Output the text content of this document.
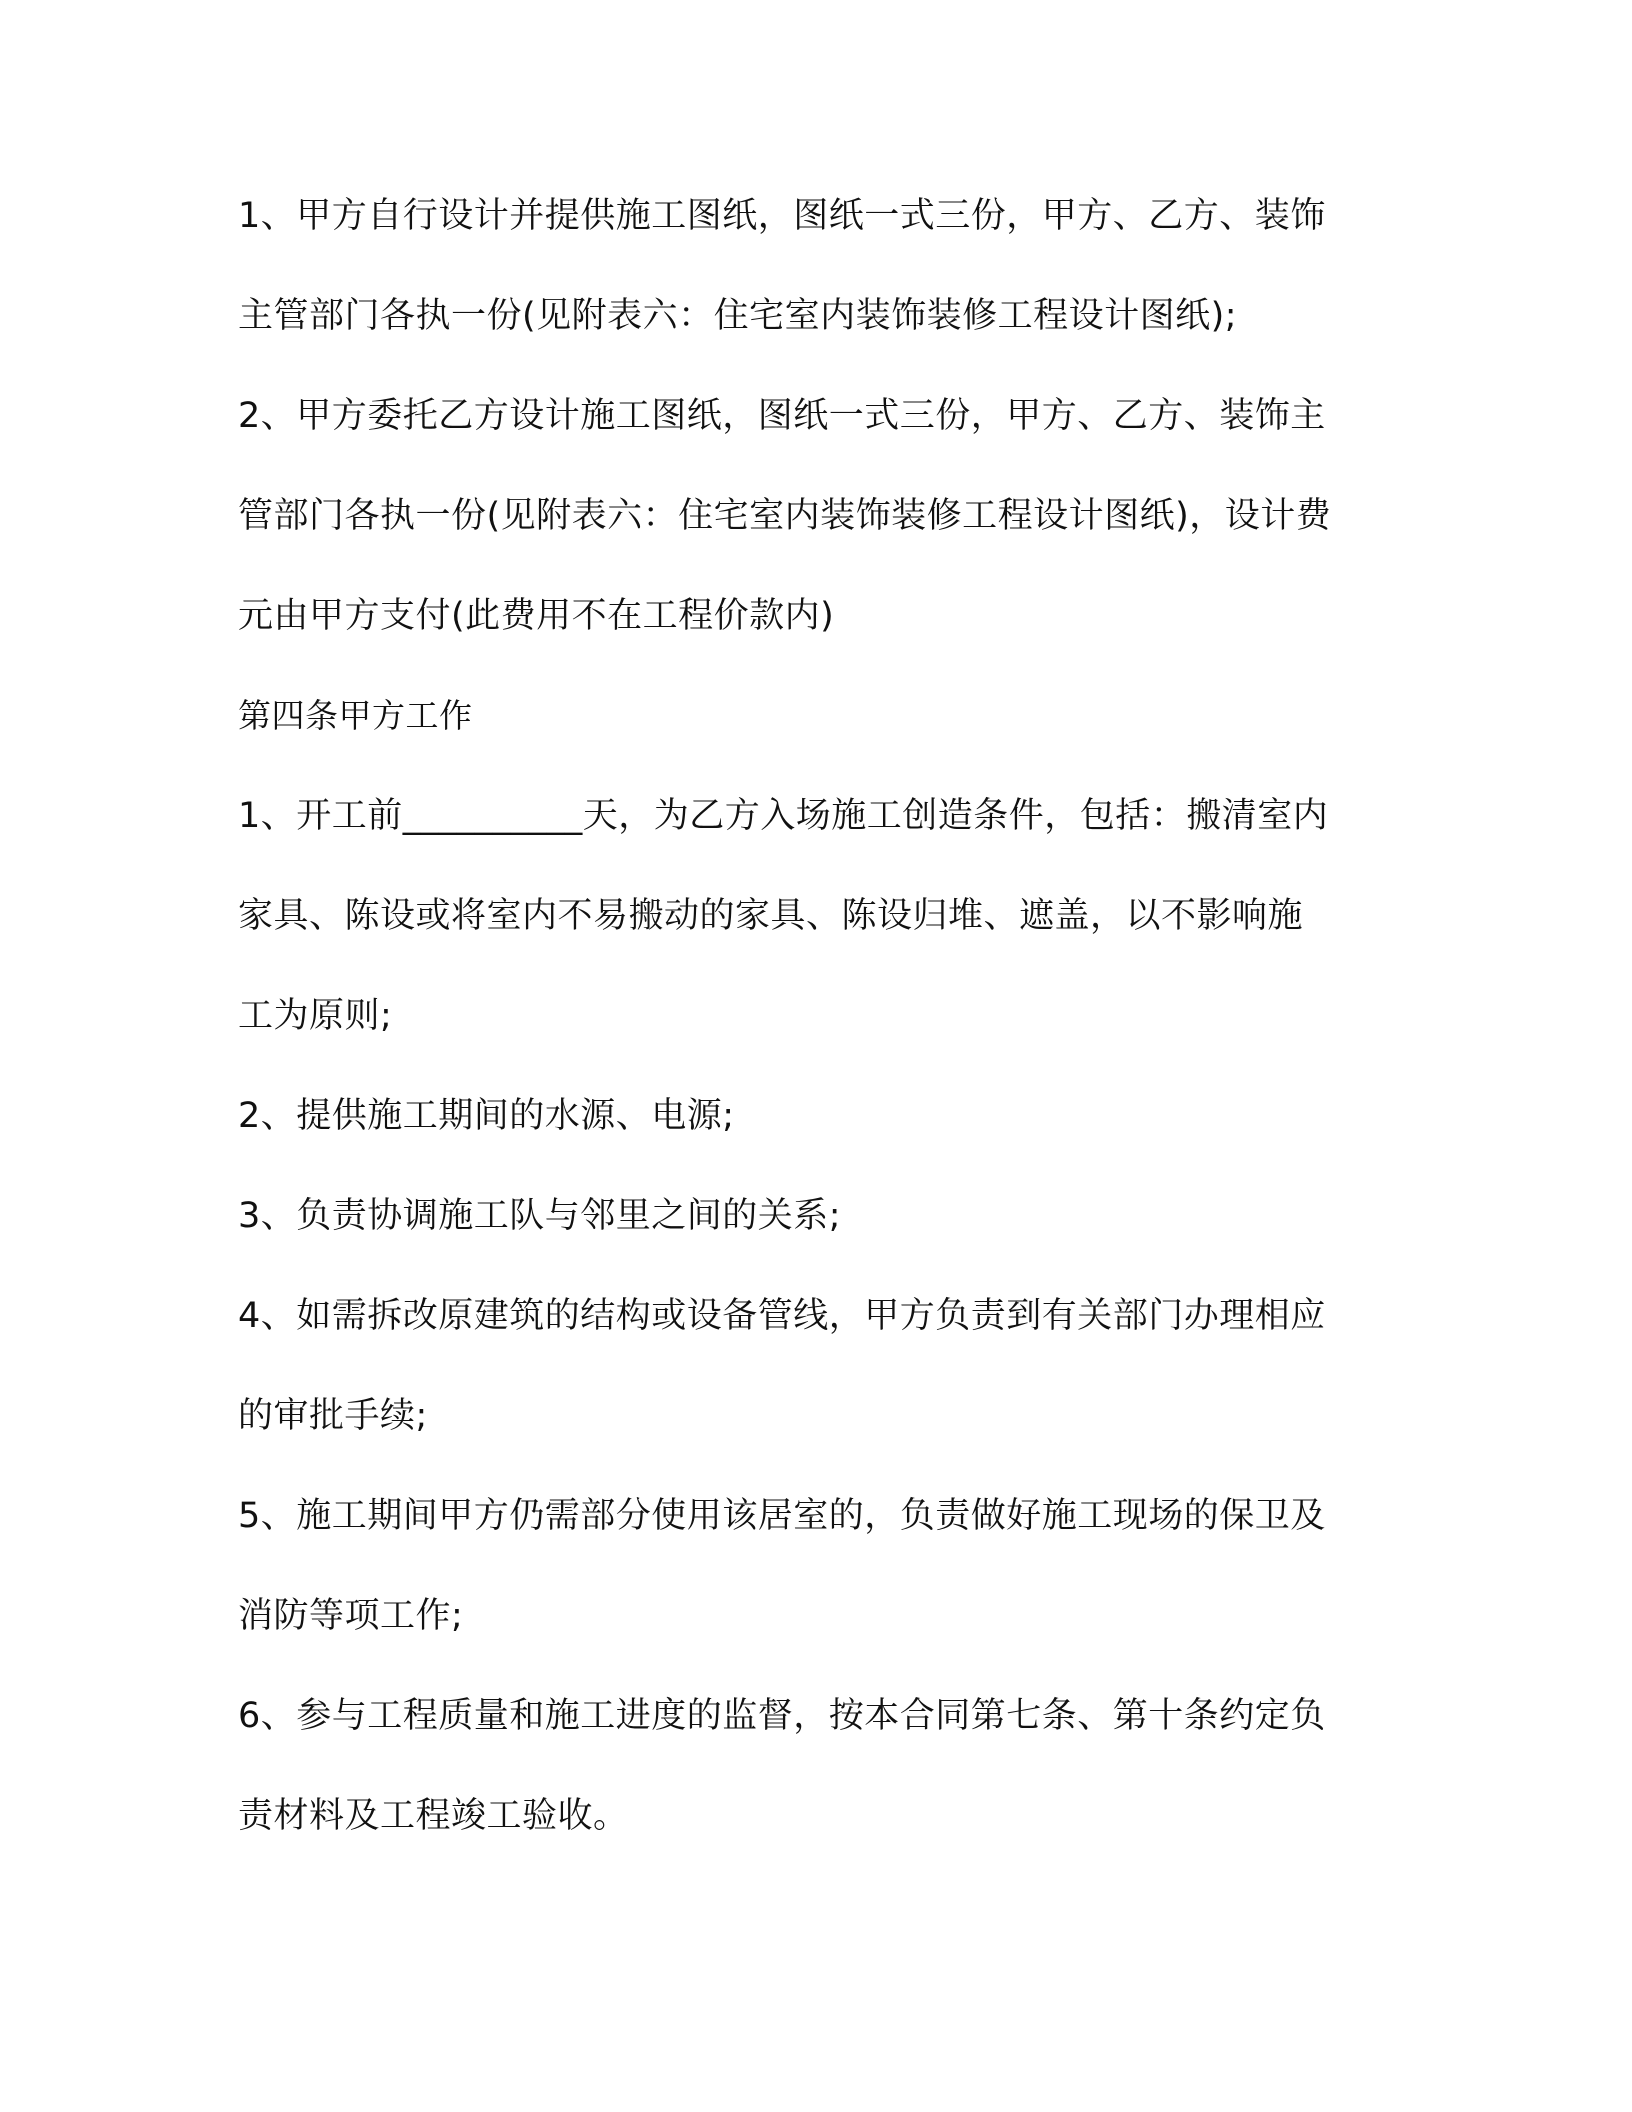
1、甲方自行设计并提供施工图纸，图纸一式三份，甲方、乙方、装饰
主管部门各执一份(见附表六：住宅室内装饰装修工程设计图纸);
2、甲方委托乙方设计施工图纸，图纸一式三份，甲方、乙方、装饰主
管部门各执一份(见附表六：住宅室内装饰装修工程设计图纸)，设计费
元由甲方支付(此费用不在工程价款内)
第四条甲方工作
1、开工前__________天，为乙方入场施工创造条件，包括：搬清室内
家具、陈设或将室内不易搬动的家具、陈设归堆、遮盖，以不影响施
工为原则;
2、提供施工期间的水源、电源;
3、负责协调施工队与邻里之间的关系;
4、如需拆改原建筑的结构或设备管线，甲方负责到有关部门办理相应
的审批手续;
5、施工期间甲方仍需部分使用该居室的，负责做好施工现场的保卫及
消防等项工作;
6、参与工程质量和施工进度的监督，按本合同第七条、第十条约定负
责材料及工程竣工验收。
